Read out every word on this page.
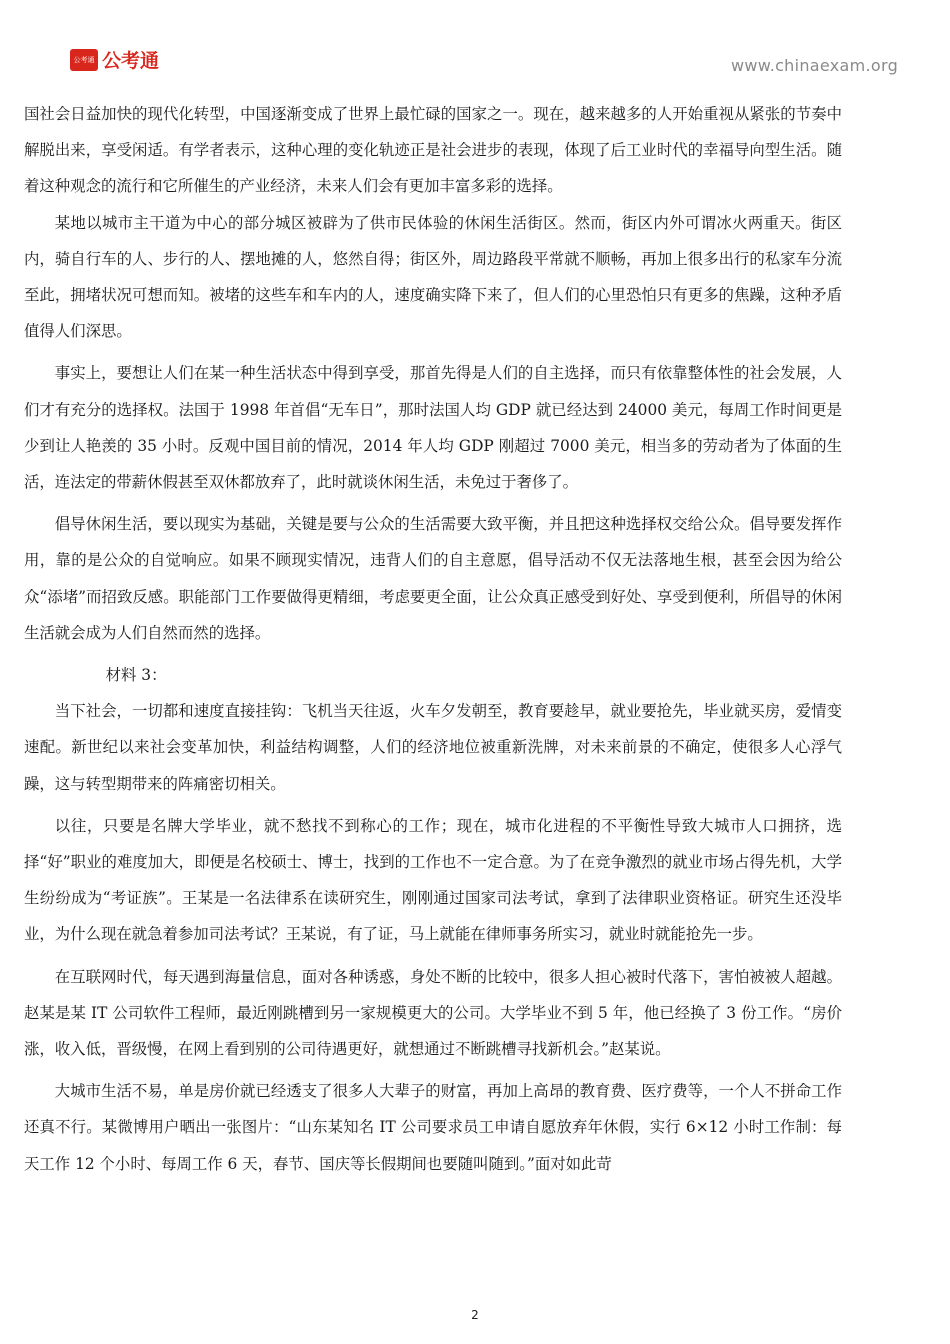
公考通 公考通	www.chinaexam.org

国社会日益加快的现代化转型，中国逐渐变成了世界上最忙碌的国家之一。现在，越来越多的人开始重视从紧张的节奏中解脱出来，享受闲适。有学者表示，这种心理的变化轨迹正是社会进步的表现，体现了后工业时代的幸福导向型生活。随着这种观念的流行和它所催生的产业经济，未来人们会有更加丰富多彩的选择。

某地以城市主干道为中心的部分城区被辟为了供市民体验的休闲生活街区。然而，街区内外可谓冰火两重天。街区内，骑自行车的人、步行的人、摆地摊的人，悠然自得；街区外，周边路段平常就不顺畅，再加上很多出行的私家车分流至此，拥堵状况可想而知。被堵的这些车和车内的人，速度确实降下来了，但人们的心里恐怕只有更多的焦躁，这种矛盾值得人们深思。

事实上，要想让人们在某一种生活状态中得到享受，那首先得是人们的自主选择，而只有依靠整体性的社会发展，人们才有充分的选择权。法国于 1998 年首倡“无车日”，那时法国人均 GDP 就已经达到 24000 美元，每周工作时间更是少到让人艳羡的 35 小时。反观中国目前的情况，2014 年人均 GDP 刚超过 7000 美元，相当多的劳动者为了体面的生活，连法定的带薪休假甚至双休都放弃了，此时就谈休闲生活，未免过于奢侈了。

倡导休闲生活，要以现实为基础，关键是要与公众的生活需要大致平衡，并且把这种选择权交给公众。倡导要发挥作用，靠的是公众的自觉响应。如果不顾现实情况，违背人们的自主意愿，倡导活动不仅无法落地生根，甚至会因为给公众“添堵”而招致反感。职能部门工作要做得更精细，考虑要更全面，让公众真正感受到好处、享受到便利，所倡导的休闲生活就会成为人们自然而然的选择。

材料 3：

当下社会，一切都和速度直接挂钩：飞机当天往返，火车夕发朝至，教育要趁早，就业要抢先，毕业就买房，爱情变速配。新世纪以来社会变革加快，利益结构调整，人们的经济地位被重新洗牌，对未来前景的不确定，使很多人心浮气躁，这与转型期带来的阵痛密切相关。

以往，只要是名牌大学毕业，就不愁找不到称心的工作；现在，城市化进程的不平衡性导致大城市人口拥挤，选择“好”职业的难度加大，即便是名校硕士、博士，找到的工作也不一定合意。为了在竞争激烈的就业市场占得先机，大学生纷纷成为“考证族”。王某是一名法律系在读研究生，刚刚通过国家司法考试，拿到了法律职业资格证。研究生还没毕业，为什么现在就急着参加司法考试？王某说，有了证，马上就能在律师事务所实习，就业时就能抢先一步。

在互联网时代，每天遇到海量信息，面对各种诱惑，身处不断的比较中，很多人担心被时代落下，害怕被被人超越。赵某是某 IT 公司软件工程师，最近刚跳槽到另一家规模更大的公司。大学毕业不到 5 年，他已经换了 3 份工作。“房价涨，收入低，晋级慢，在网上看到别的公司待遇更好，就想通过不断跳槽寻找新机会。”赵某说。

大城市生活不易，单是房价就已经透支了很多人大辈子的财富，再加上高昂的教育费、医疗费等，一个人不拼命工作还真不行。某微博用户晒出一张图片：“山东某知名 IT 公司要求员工申请自愿放弃年休假，实行 6×12 小时工作制：每天工作 12 个小时、每周工作 6 天，春节、国庆等长假期间也要随叫随到。”面对如此苛

2
